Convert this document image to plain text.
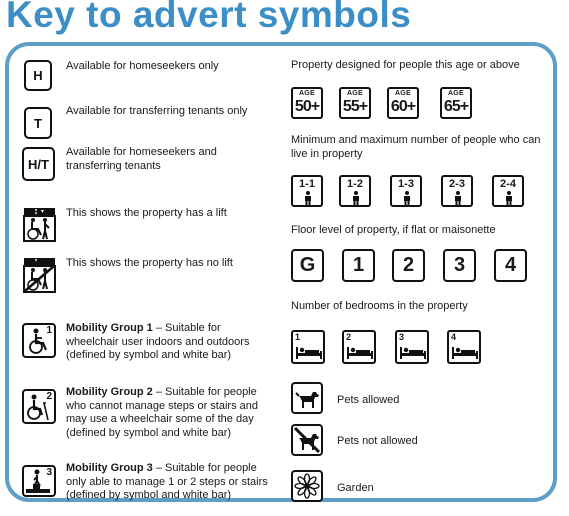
Key to advert symbols
H
Available for homeseekers only
T
Available for transferring tenants only
H/T
Available for homeseekers and transferring tenants
This shows the property has a lift
This shows the property has no lift
1 Mobility Group 1 – Suitable for wheelchair user indoors and outdoors (defined by symbol and white bar)
2 Mobility Group 2 – Suitable for people who cannot manage steps or stairs and may use a wheelchair some of the day (defined by symbol and white bar)
3 Mobility Group 3 – Suitable for people only able to manage 1 or 2 steps or stairs (defined by symbol and white bar)
Property designed for people this age or above
AGE
50+
AGE
55+
AGE
60+
AGE
65+
Minimum and maximum number of people who can live in property
1-1	1-2	1-3	2-3	2-4
Floor level of property, if flat or maisonette
G	1	2	3	4
Number of bedrooms in the property
1	2	3	4
Pets allowed
Pets not allowed
Garden
